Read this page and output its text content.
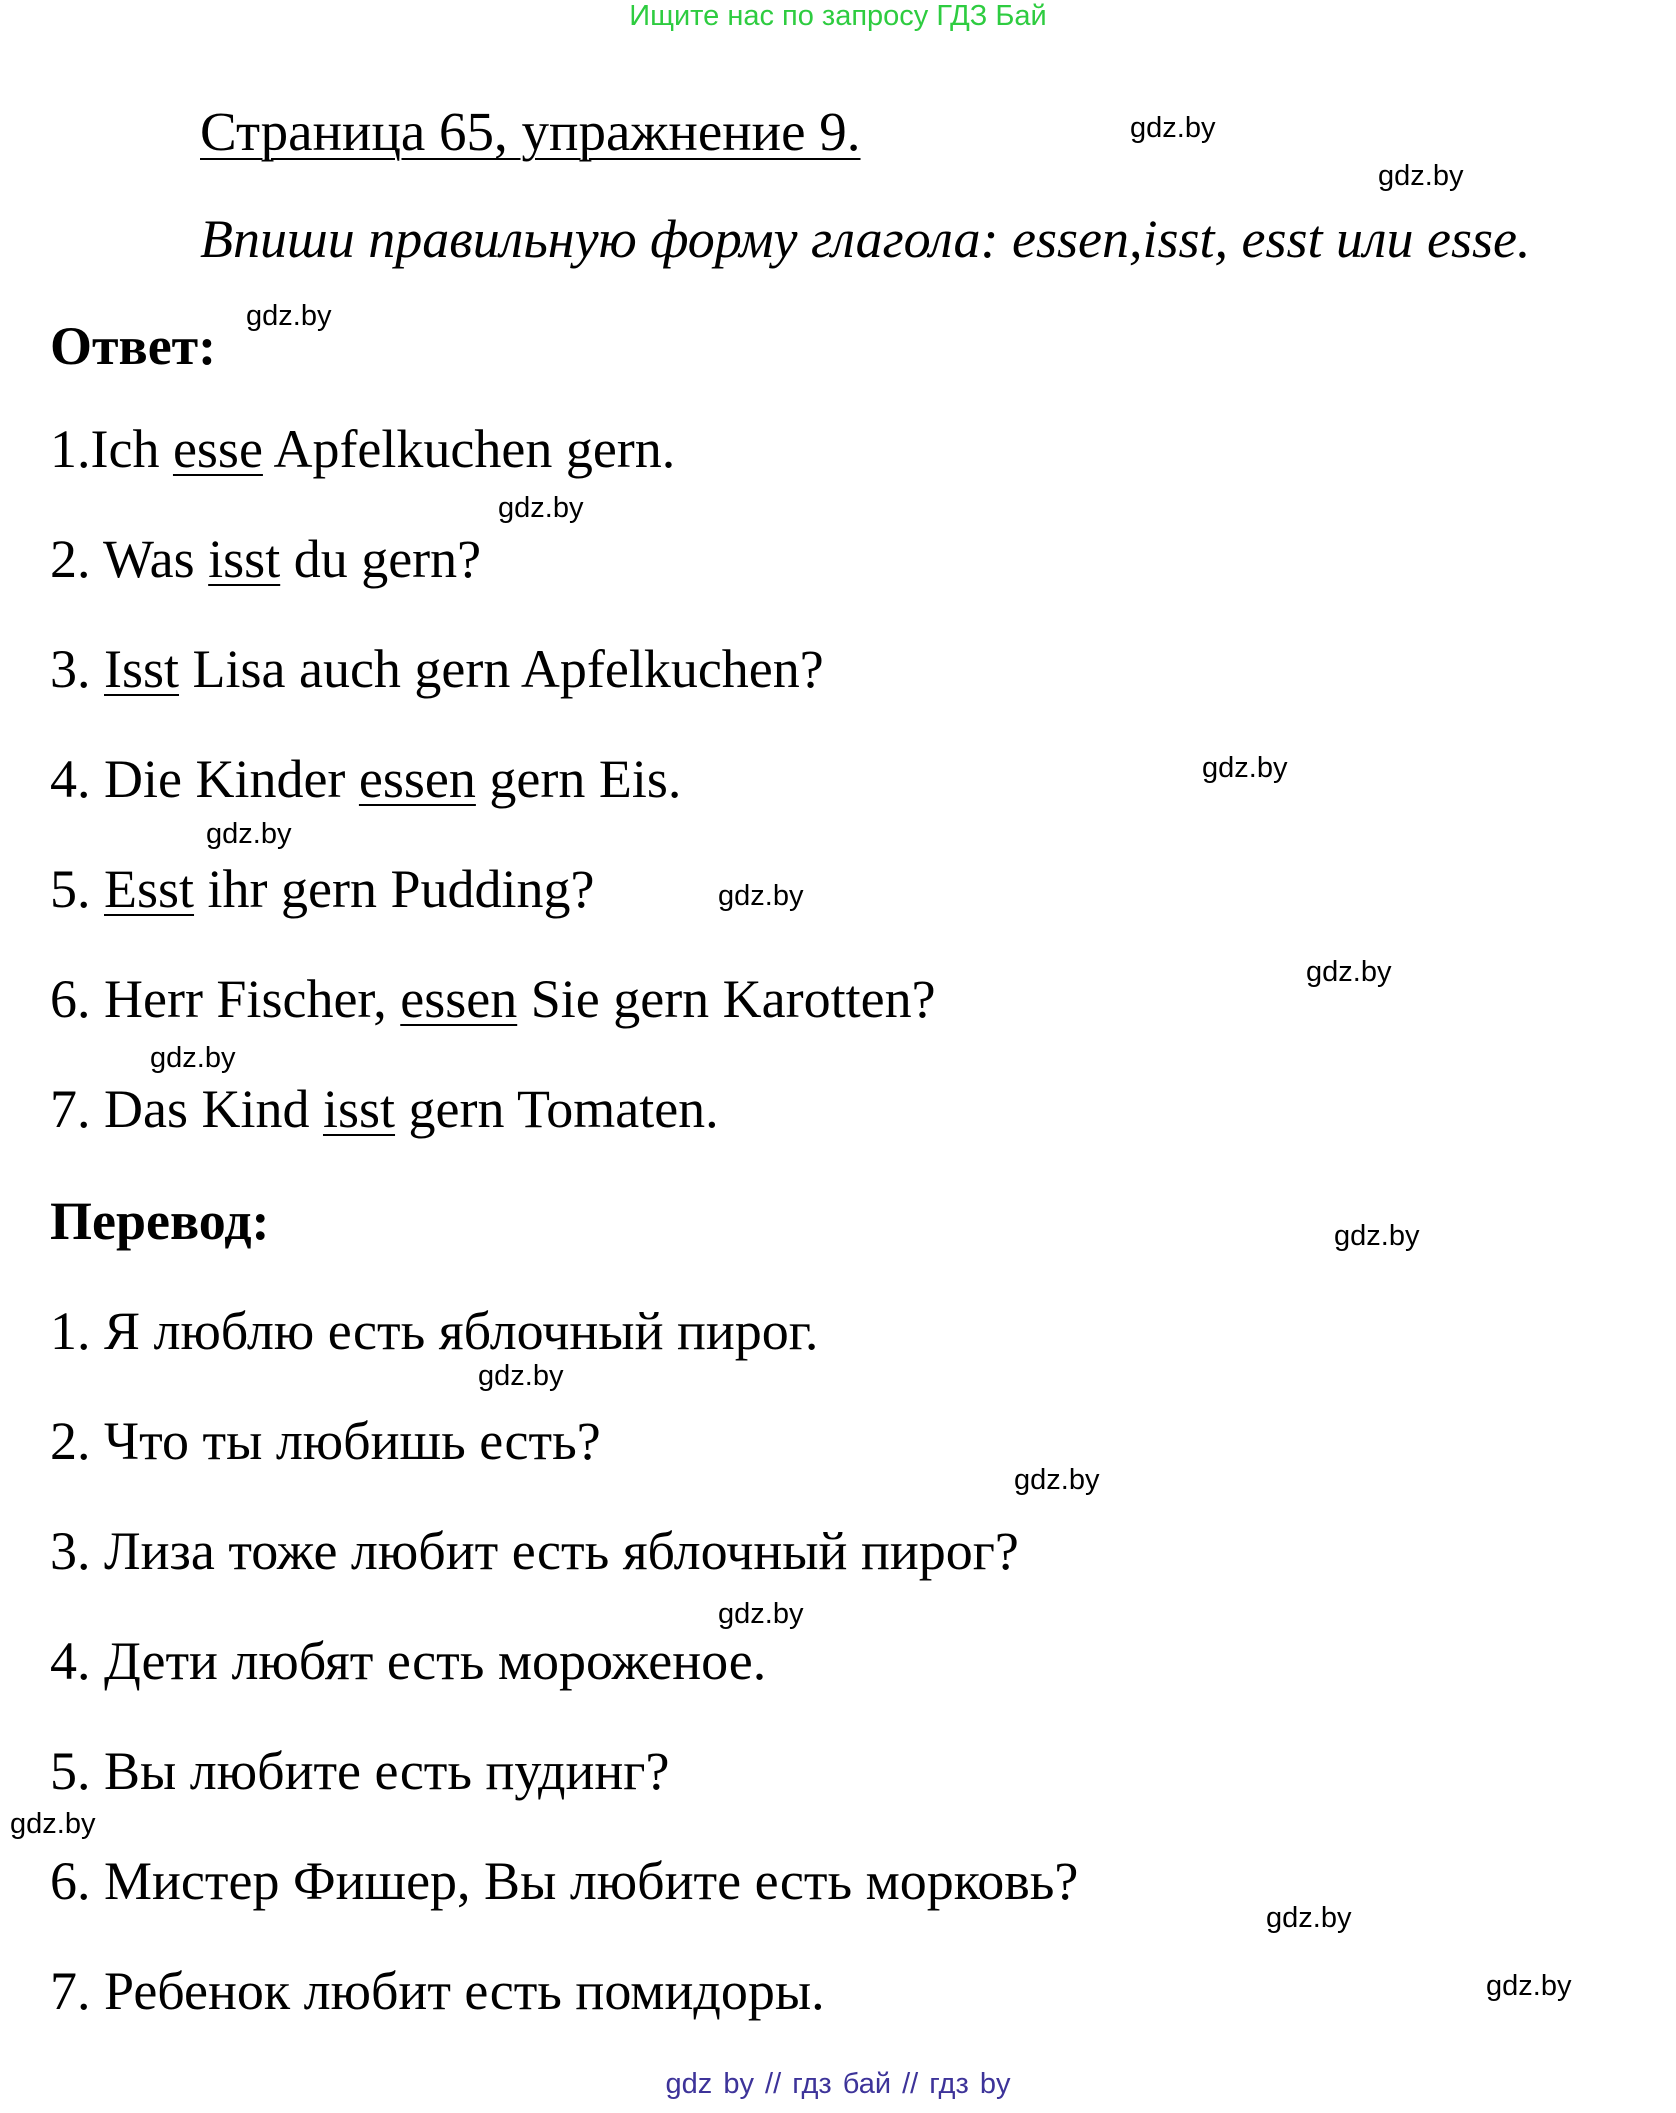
Ищите нас по запросу ГДЗ Бай
Страница 65, упражнение 9.
Впиши правильную форму глагола: essen,isst, esst или esse.
Ответ:
1.Ich esse Apfelkuchen gern.
2. Was isst du gern?
3. Isst Lisa auch gern Apfelkuchen?
4. Die Kinder essen gern Eis.
5. Esst ihr gern Pudding?
6. Herr Fischer, essen Sie gern Karotten?
7. Das Kind isst gern Tomaten.
Перевод:
1. Я люблю есть яблочный пирог.
2. Что ты любишь есть?
3. Лиза тоже любит есть яблочный пирог?
4. Дети любят есть мороженое.
5. Вы любите есть пудинг?
6. Мистер Фишер, Вы любите есть морковь?
7. Ребенок любит есть помидоры.
gdz.by
gdz.by
gdz.by
gdz.by
gdz.by
gdz.by
gdz.by
gdz.by
gdz.by
gdz.by
gdz.by
gdz.by
gdz.by
gdz.by
gdz.by
gdz.by
gdz by // гдз бай // гдз by
